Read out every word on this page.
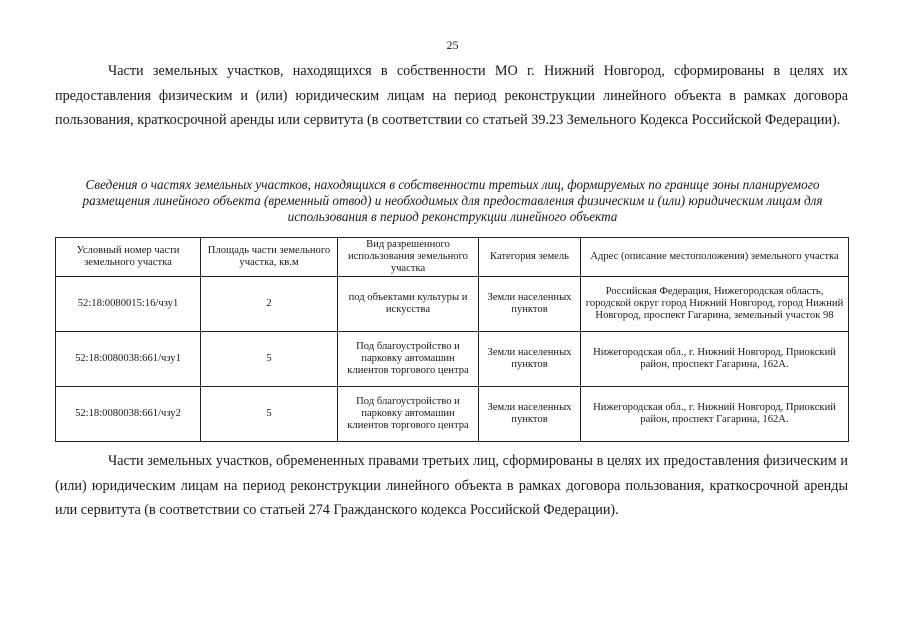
25

Части земельных участков, находящихся в собственности МО г. Нижний Новгород, сформированы в целях их предоставления физическим и (или) юридическим лицам на период реконструкции линейного объекта в рамках договора пользования, краткосрочной аренды или сервитута (в соответствии со статьей 39.23 Земельного Кодекса Российской Федерации).

Сведения о частях земельных участков, находящихся в собственности третьих лиц, формируемых по границе зоны планируемого размещения линейного объекта (временный отвод) и необходимых для предоставления физическим и (или) юридическим лицам для использования в период реконструкции линейного объекта

Условный номер части земельного участка	Площадь части земельного участка, кв.м	Вид разрешенного использования земельного участка	Категория земель	Адрес (описание местоположения) земельного участка
52:18:0080015:16/чзу1	2	под объектами культуры и искусства	Земли населенных пунктов	Российская Федерация, Нижегородская область, городской округ город Нижний Новгород, город Нижний Новгород, проспект Гагарина, земельный участок 98
52:18:0080038:661/чзу1	5	Под благоустройство и парковку автомашин клиентов торгового центра	Земли населенных пунктов	Нижегородская обл., г. Нижний Новгород, Приокский район, проспект Гагарина, 162А.
52:18:0080038:661/чзу2	5	Под благоустройство и парковку автомашин клиентов торгового центра	Земли населенных пунктов	Нижегородская обл., г. Нижний Новгород, Приокский район, проспект Гагарина, 162А.

Части земельных участков, обремененных правами третьих лиц, сформированы в целях их предоставления физическим и (или) юридическим лицам на период реконструкции линейного объекта в рамках договора пользования, краткосрочной аренды или сервитута (в соответствии со статьей 274 Гражданского кодекса Российской Федерации).
